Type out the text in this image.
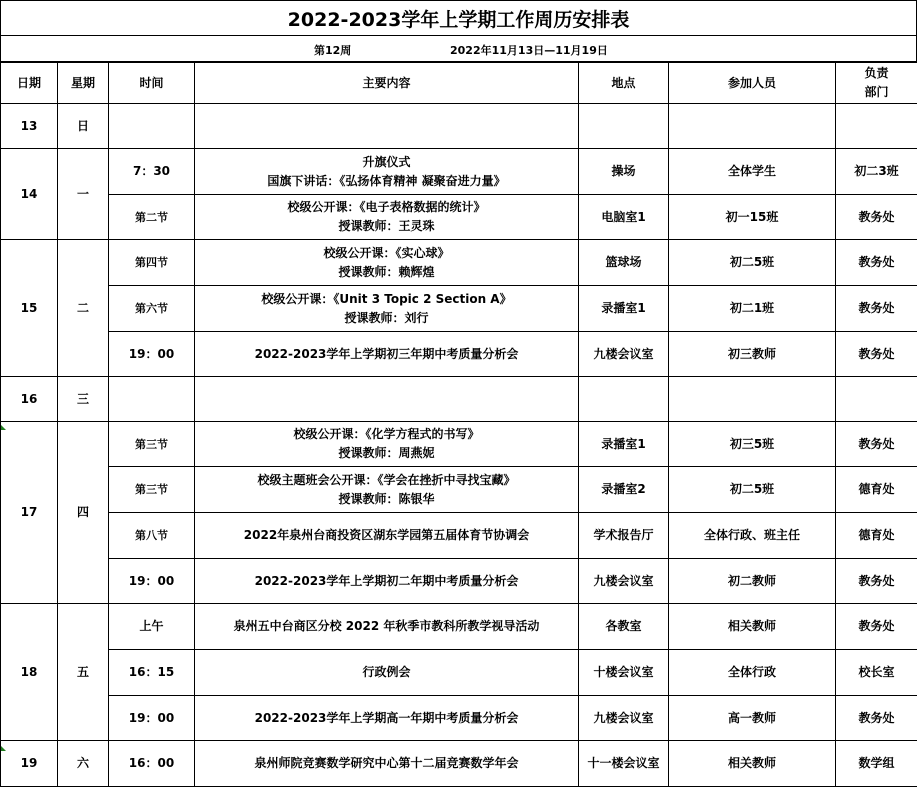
2022-2023学年上学期工作周历安排表
第12周	2022年11月13日—11月19日
日期	星期	时间	主要内容	地点	参加人员	负责
部门

13	日					
14	一	7：30	升旗仪式
国旗下讲话：《弘扬体育精神 凝聚奋进力量》	操场	全体学生	初二3班
		第二节	校级公开课：《电子表格数据的统计》
授课教师：王灵珠	电脑室1	初一15班	教务处
15	二	第四节	校级公开课：《实心球》
授课教师：赖辉煌	篮球场	初二5班	教务处
		第六节	校级公开课：《Unit 3 Topic 2 Section A》
授课教师：刘行	录播室1	初二1班	教务处
		19：00	2022-2023学年上学期初三年期中考质量分析会	九楼会议室	初三教师	教务处
16	三					
17	四	第三节	校级公开课：《化学方程式的书写》
授课教师：周燕妮	录播室1	初三5班	教务处
		第三节	校级主题班会公开课：《学会在挫折中寻找宝藏》
授课教师：陈银华	录播室2	初二5班	德育处
		第八节	2022年泉州台商投资区湖东学园第五届体育节协调会	学术报告厅	全体行政、班主任	德育处
		19：00	2022-2023学年上学期初二年期中考质量分析会	九楼会议室	初二教师	教务处
18	五	上午	泉州五中台商区分校 2022 年秋季市教科所教学视导活动	各教室	相关教师	教务处
		16：15	行政例会	十楼会议室	全体行政	校长室
		19：00	2022-2023学年上学期高一年期中考质量分析会	九楼会议室	高一教师	教务处
19	六	16：00	泉州师院竞赛数学研究中心第十二届竞赛数学年会	十一楼会议室	相关教师	数学组
